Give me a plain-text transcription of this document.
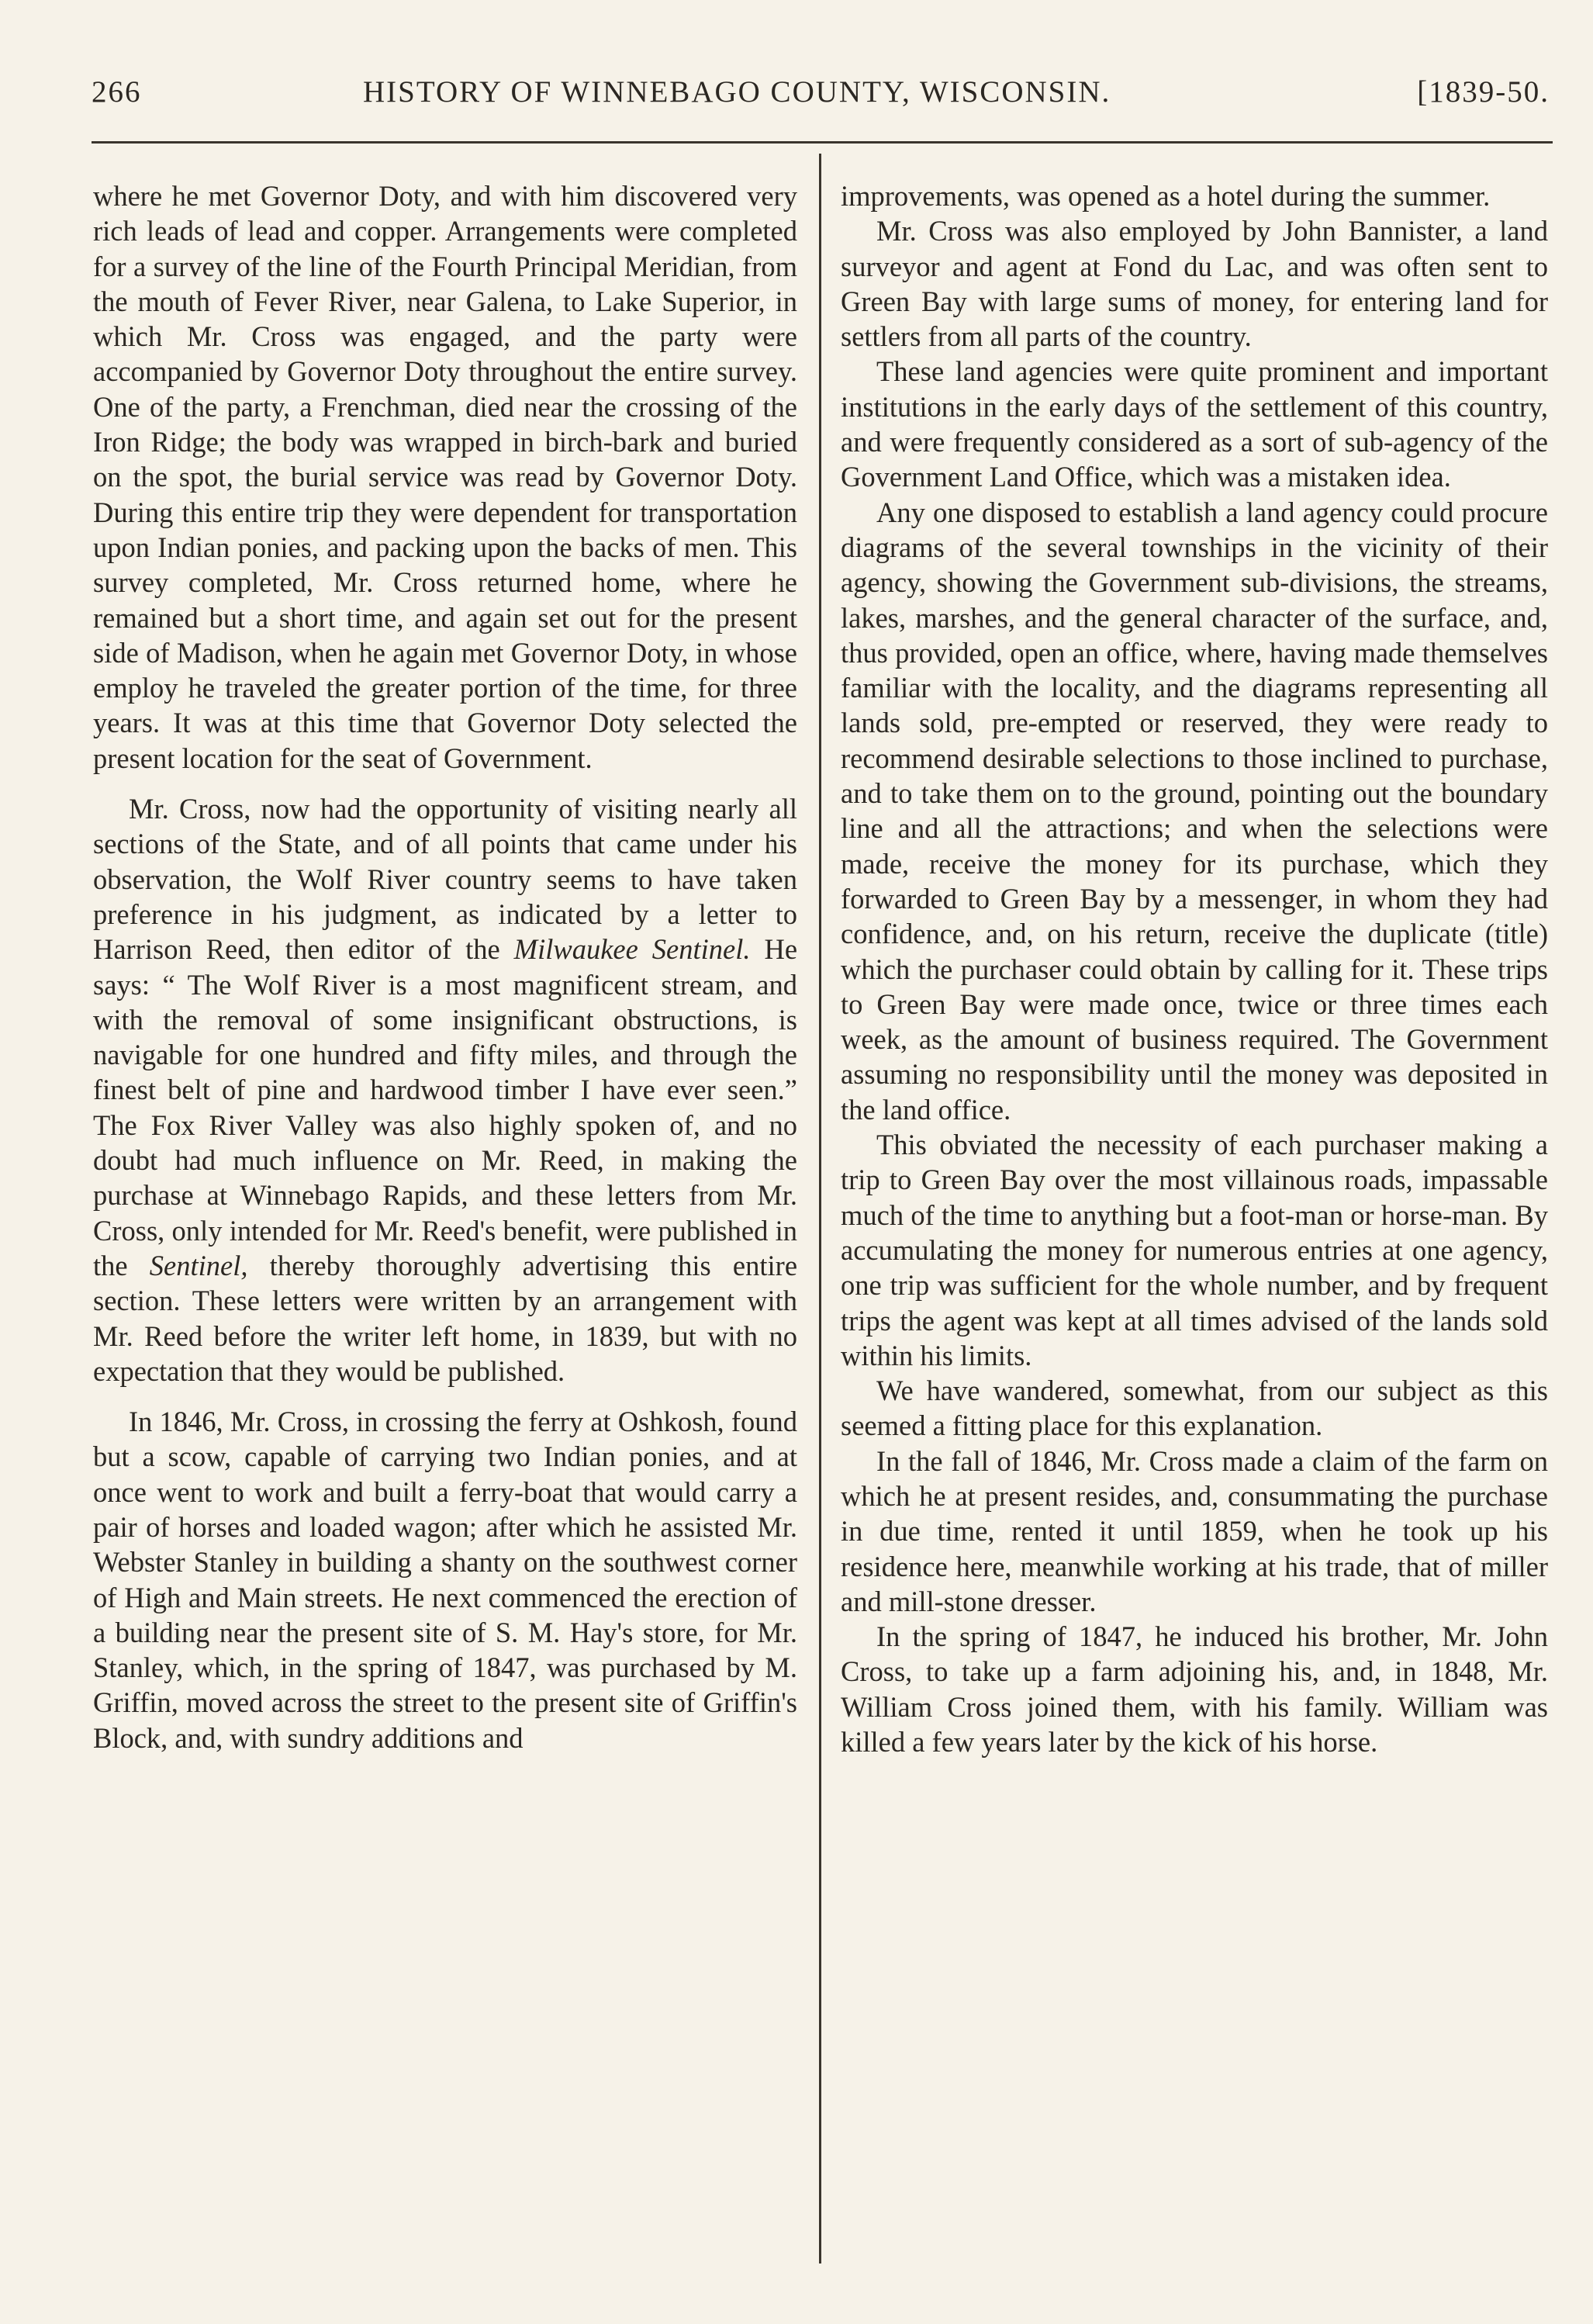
266	HISTORY OF WINNEBAGO COUNTY, WISCONSIN.	[1839-50.

where he met Governor Doty, and with him discovered very rich leads of lead and copper. Arrangements were completed for a survey of the line of the Fourth Principal Meridian, from the mouth of Fever River, near Galena, to Lake Superior, in which Mr. Cross was engaged, and the party were accompanied by Governor Doty throughout the entire survey. One of the party, a Frenchman, died near the crossing of the Iron Ridge; the body was wrapped in birch-bark and buried on the spot, the burial service was read by Governor Doty. During this entire trip they were dependent for transportation upon Indian ponies, and packing upon the backs of men. This survey completed, Mr. Cross returned home, where he remained but a short time, and again set out for the present side of Madison, when he again met Governor Doty, in whose employ he traveled the greater portion of the time, for three years. It was at this time that Governor Doty selected the present location for the seat of Government.

Mr. Cross, now had the opportunity of visiting nearly all sections of the State, and of all points that came under his observation, the Wolf River country seems to have taken preference in his judgment, as indicated by a letter to Harrison Reed, then editor of the Milwaukee Sentinel. He says: “ The Wolf River is a most magnificent stream, and with the removal of some insignificant obstructions, is navigable for one hundred and fifty miles, and through the finest belt of pine and hardwood timber I have ever seen.” The Fox River Valley was also highly spoken of, and no doubt had much influence on Mr. Reed, in making the purchase at Winnebago Rapids, and these letters from Mr. Cross, only intended for Mr. Reed's benefit, were published in the Sentinel, thereby thoroughly advertising this entire section. These letters were written by an arrangement with Mr. Reed before the writer left home, in 1839, but with no expectation that they would be published.

In 1846, Mr. Cross, in crossing the ferry at Oshkosh, found but a scow, capable of carrying two Indian ponies, and at once went to work and built a ferry-boat that would carry a pair of horses and loaded wagon; after which he assisted Mr. Webster Stanley in building a shanty on the southwest corner of High and Main streets. He next commenced the erection of a building near the present site of S. M. Hay's store, for Mr. Stanley, which, in the spring of 1847, was purchased by M. Griffin, moved across the street to the present site of Griffin's Block, and, with sundry additions and

improvements, was opened as a hotel during the summer.

Mr. Cross was also employed by John Bannister, a land surveyor and agent at Fond du Lac, and was often sent to Green Bay with large sums of money, for entering land for settlers from all parts of the country.

These land agencies were quite prominent and important institutions in the early days of the settlement of this country, and were frequently considered as a sort of sub-agency of the Government Land Office, which was a mistaken idea.

Any one disposed to establish a land agency could procure diagrams of the several townships in the vicinity of their agency, showing the Government sub-divisions, the streams, lakes, marshes, and the general character of the surface, and, thus provided, open an office, where, having made themselves familiar with the locality, and the diagrams representing all lands sold, pre-empted or reserved, they were ready to recommend desirable selections to those inclined to purchase, and to take them on to the ground, pointing out the boundary line and all the attractions; and when the selections were made, receive the money for its purchase, which they forwarded to Green Bay by a messenger, in whom they had confidence, and, on his return, receive the duplicate (title) which the purchaser could obtain by calling for it. These trips to Green Bay were made once, twice or three times each week, as the amount of business required. The Government assuming no responsibility until the money was deposited in the land office.

This obviated the necessity of each purchaser making a trip to Green Bay over the most villainous roads, impassable much of the time to anything but a foot-man or horse-man. By accumulating the money for numerous entries at one agency, one trip was sufficient for the whole number, and by frequent trips the agent was kept at all times advised of the lands sold within his limits.

We have wandered, somewhat, from our subject as this seemed a fitting place for this explanation.

In the fall of 1846, Mr. Cross made a claim of the farm on which he at present resides, and, consummating the purchase in due time, rented it until 1859, when he took up his residence here, meanwhile working at his trade, that of miller and mill-stone dresser.

In the spring of 1847, he induced his brother, Mr. John Cross, to take up a farm adjoining his, and, in 1848, Mr. William Cross joined them, with his family. William was killed a few years later by the kick of his horse.
